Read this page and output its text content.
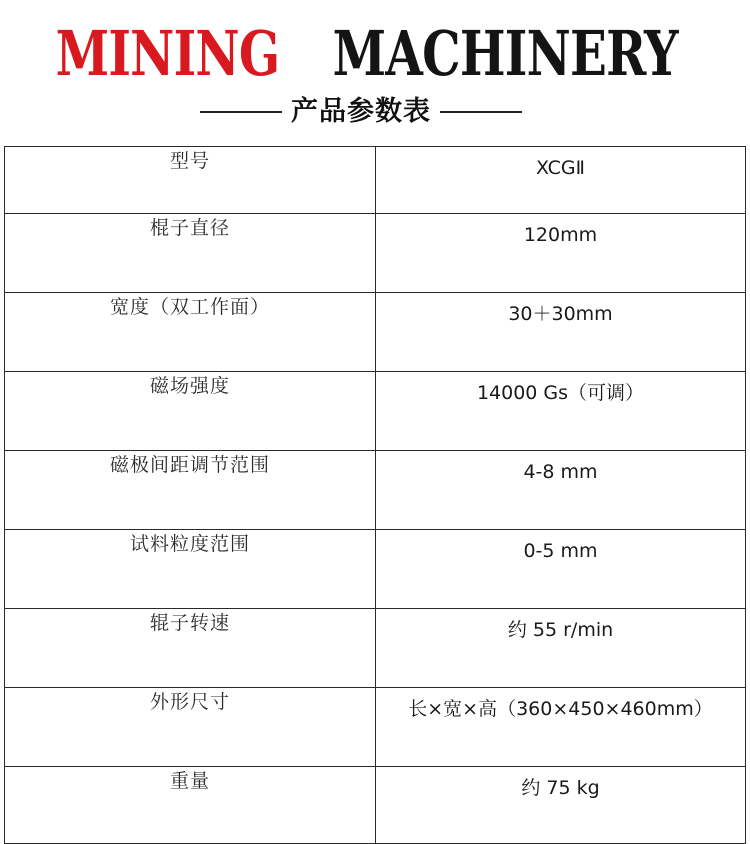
MINING MACHINERY
产品参数表
型号	XCGⅡ
棍子直径	120mm
宽度（双工作面）	30＋30mm
磁场强度	14000 Gs（可调）
磁极间距调节范围	4-8 mm
试料粒度范围	0-5 mm
辊子转速	约 55 r/min
外形尺寸	长×宽×高（360×450×460mm）
重量	约 75 kg
